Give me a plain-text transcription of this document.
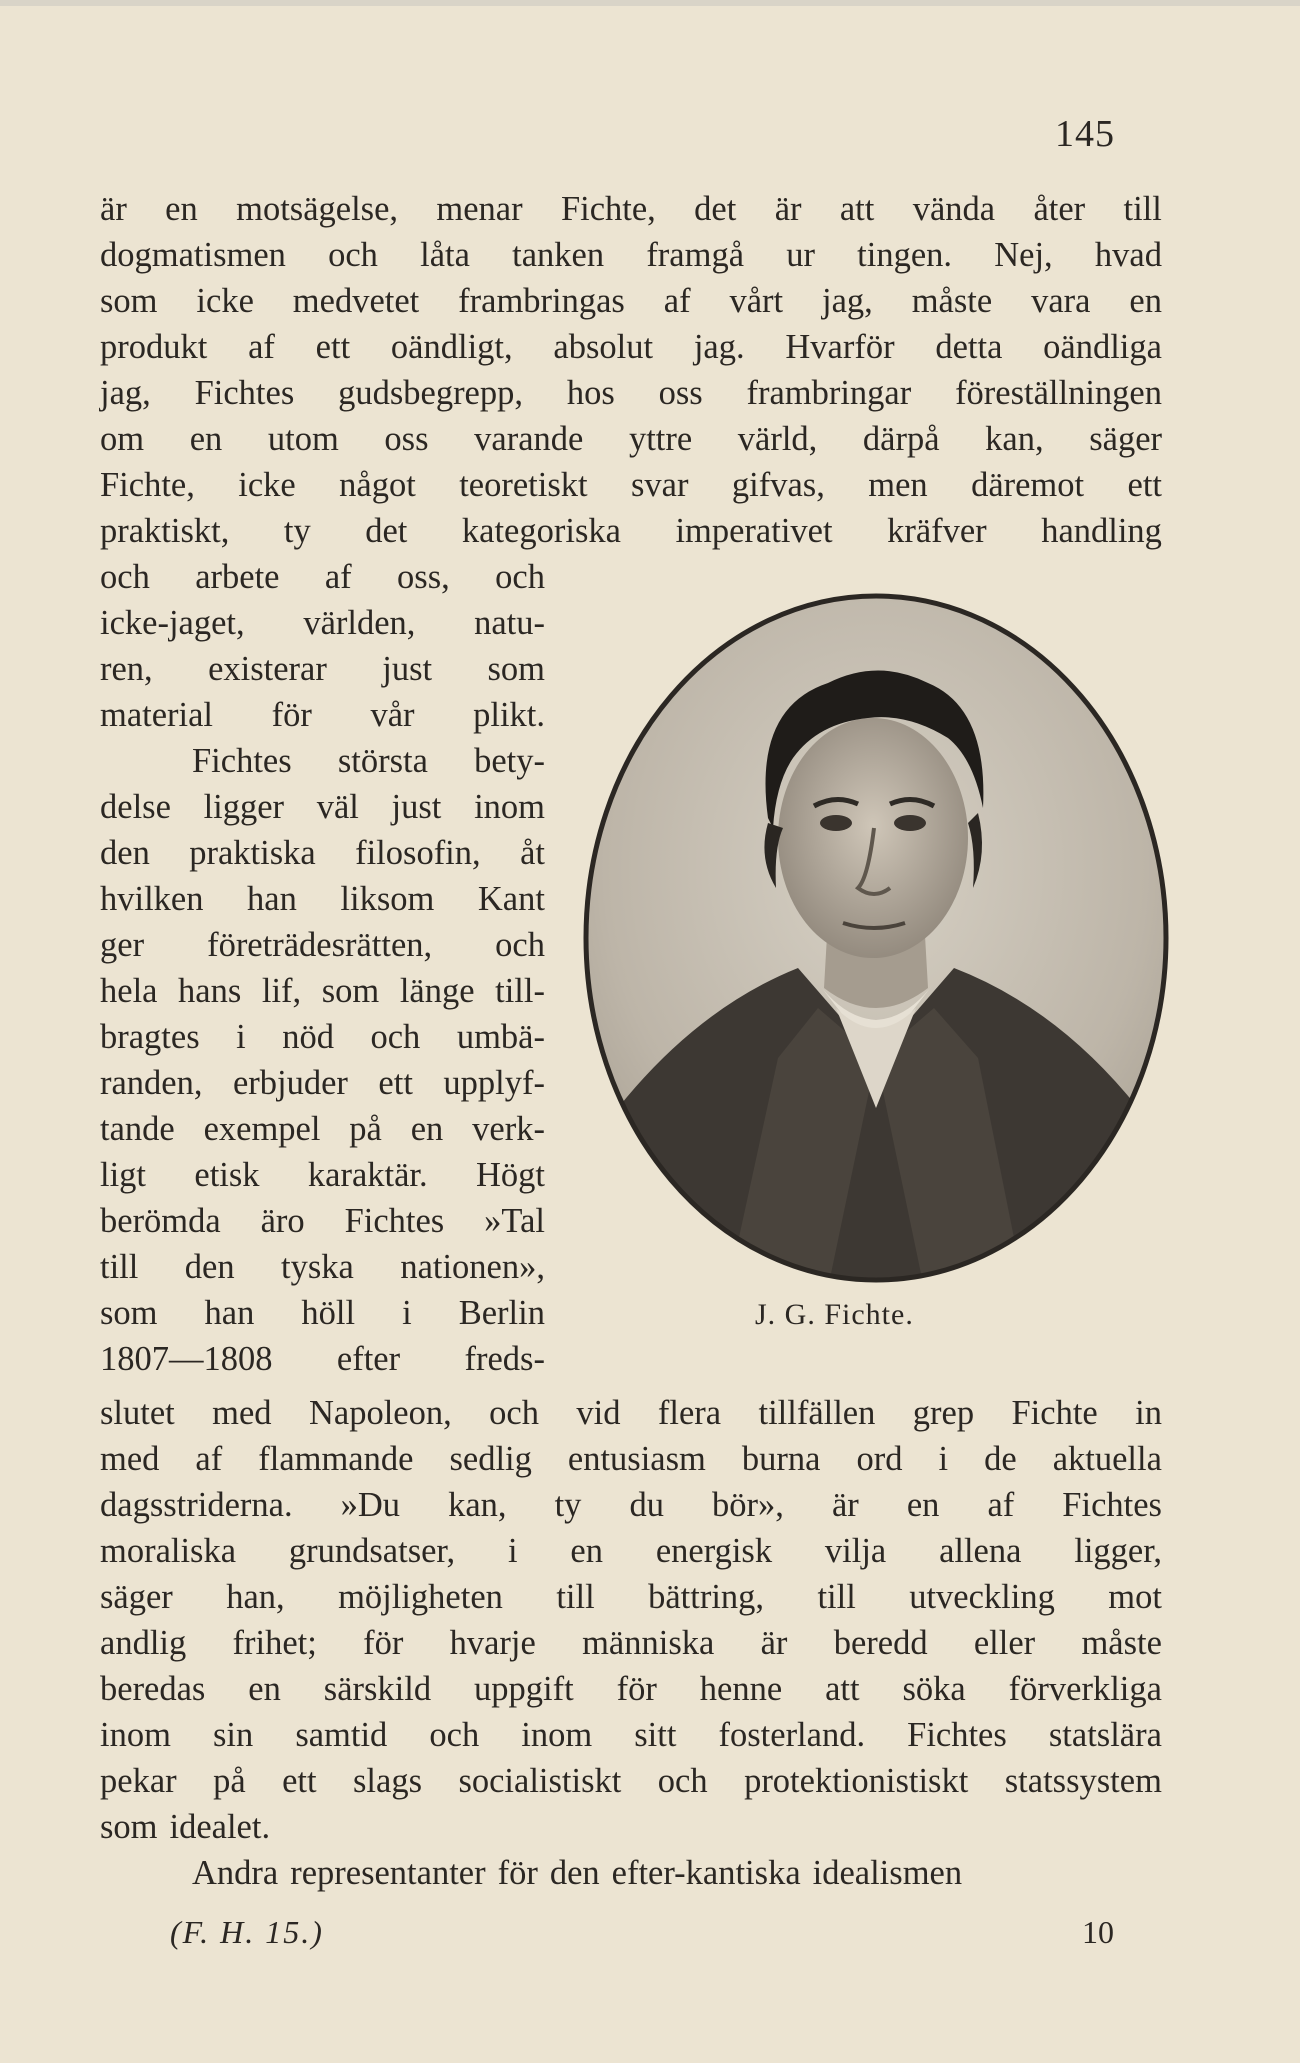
145
är en motsägelse, menar Fichte, det är att vända åter till
dogmatismen och låta tanken framgå ur tingen. Nej, hvad
som icke medvetet frambringas af vårt jag, måste vara en
produkt af ett oändligt, absolut jag. Hvarför detta oändliga
jag, Fichtes gudsbegrepp, hos oss frambringar föreställningen
om en utom oss varande yttre värld, därpå kan, säger
Fichte, icke något teoretiskt svar gifvas, men däremot ett
praktiskt, ty det kategoriska imperativet kräfver handling
och arbete af oss, och
icke-jaget, världen, natu-
ren, existerar just som
material för vår plikt.
Fichtes största bety-
delse ligger väl just inom
den praktiska filosofin, åt
hvilken han liksom Kant
ger företrädesrätten, och
hela hans lif, som länge till-
bragtes i nöd och umbä-
randen, erbjuder ett upplyf-
tande exempel på en verk-
ligt etisk karaktär. Högt
berömda äro Fichtes »Tal
till den tyska nationen»,
som han höll i Berlin
1807—1808 efter freds-
J. G. Fichte.
slutet med Napoleon, och vid flera tillfällen grep Fichte in
med af flammande sedlig entusiasm burna ord i de aktuella
dagsstriderna. »Du kan, ty du bör», är en af Fichtes
moraliska grundsatser, i en energisk vilja allena ligger,
säger han, möjligheten till bättring, till utveckling mot
andlig frihet; för hvarje människa är beredd eller måste
beredas en särskild uppgift för henne att söka förverkliga
inom sin samtid och inom sitt fosterland. Fichtes statslära
pekar på ett slags socialistiskt och protektionistiskt statssystem
som idealet.
Andra representanter för den efter-kantiska idealismen
(F. H. 15.)	10
